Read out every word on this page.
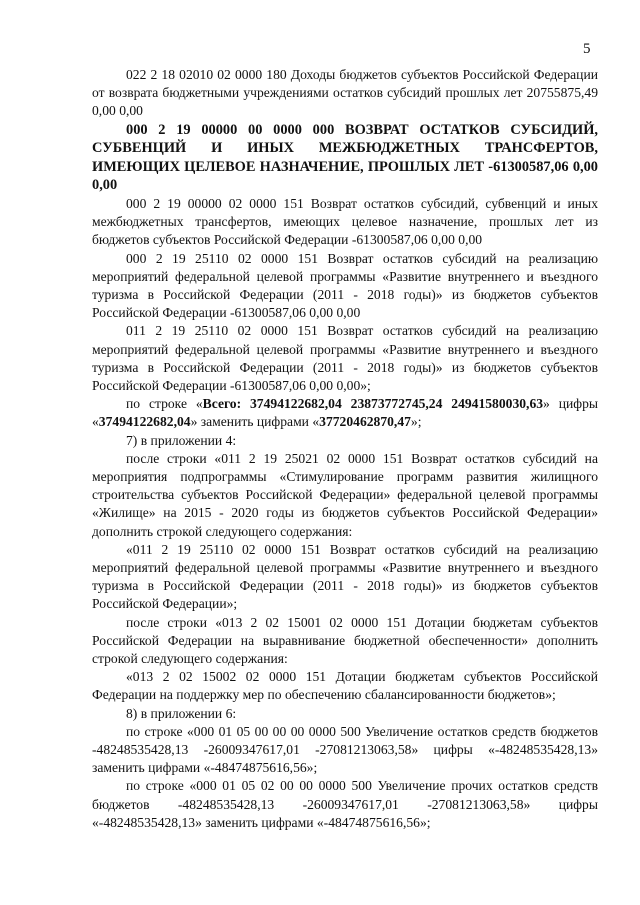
5

022 2 18 02010 02 0000 180 Доходы бюджетов субъектов Российской Федерации от возврата бюджетными учреждениями остатков субсидий прошлых лет 20755875,49 0,00 0,00

000 2 19 00000 00 0000 000 ВОЗВРАТ ОСТАТКОВ СУБСИДИЙ, СУБВЕНЦИЙ И ИНЫХ МЕЖБЮДЖЕТНЫХ ТРАНСФЕРТОВ, ИМЕЮЩИХ ЦЕЛЕВОЕ НАЗНАЧЕНИЕ, ПРОШЛЫХ ЛЕТ -61300587,06 0,00 0,00

000 2 19 00000 02 0000 151 Возврат остатков субсидий, субвенций и иных межбюджетных трансфертов, имеющих целевое назначение, прошлых лет из бюджетов субъектов Российской Федерации -61300587,06 0,00 0,00

000 2 19 25110 02 0000 151 Возврат остатков субсидий на реализацию мероприятий федеральной целевой программы «Развитие внутреннего и въездного туризма в Российской Федерации (2011 - 2018 годы)» из бюджетов субъектов Российской Федерации -61300587,06 0,00 0,00

011 2 19 25110 02 0000 151 Возврат остатков субсидий на реализацию мероприятий федеральной целевой программы «Развитие внутреннего и въездного туризма в Российской Федерации (2011 - 2018 годы)» из бюджетов субъектов Российской Федерации -61300587,06 0,00 0,00»;

по строке «Всего: 37494122682,04 23873772745,24 24941580030,63» цифры «37494122682,04» заменить цифрами «37720462870,47»;

7) в приложении 4:

после строки «011 2 19 25021 02 0000 151 Возврат остатков субсидий на мероприятия подпрограммы «Стимулирование программ развития жилищного строительства субъектов Российской Федерации» федеральной целевой программы «Жилище» на 2015 - 2020 годы из бюджетов субъектов Российской Федерации» дополнить строкой следующего содержания:

«011 2 19 25110 02 0000 151 Возврат остатков субсидий на реализацию мероприятий федеральной целевой программы «Развитие внутреннего и въездного туризма в Российской Федерации (2011 - 2018 годы)» из бюджетов субъектов Российской Федерации»;

после строки «013 2 02 15001 02 0000 151 Дотации бюджетам субъектов Российской Федерации на выравнивание бюджетной обеспеченности» дополнить строкой следующего содержания:

«013 2 02 15002 02 0000 151 Дотации бюджетам субъектов Российской Федерации на поддержку мер по обеспечению сбалансированности бюджетов»;

8) в приложении 6:

по строке «000 01 05 00 00 00 0000 500 Увеличение остатков средств бюджетов -48248535428,13 -26009347617,01 -27081213063,58» цифры «-48248535428,13» заменить цифрами «-48474875616,56»;

по строке «000 01 05 02 00 00 0000 500 Увеличение прочих остатков средств бюджетов -48248535428,13 -26009347617,01 -27081213063,58» цифры «-48248535428,13» заменить цифрами «-48474875616,56»;
